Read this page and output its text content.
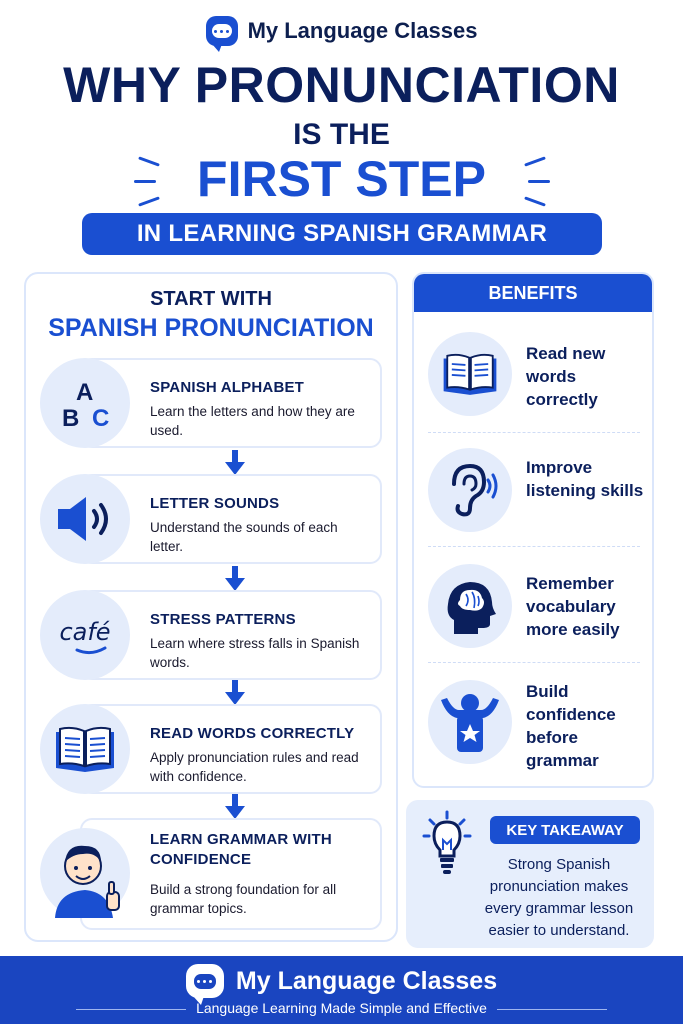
My Language Classes
WHY PRONUNCIATION
IS THE
FIRST STEP
IN LEARNING SPANISH GRAMMAR
START WITH
SPANISH PRONUNCIATION
A
B C
SPANISH ALPHABET
Learn the letters and how they are used.
LETTER SOUNDS
Understand the sounds of each letter.
café	STRESS PATTERNS
Learn where stress falls in Spanish words.
READ WORDS CORRECTLY
Apply pronunciation rules and read with confidence.
LEARN GRAMMAR WITH CONFIDENCE
Build a strong foundation for all grammar topics.
BENEFITS
Read new words correctly
Improve listening skills
Remember vocabulary more easily
Build confidence before grammar
KEY TAKEAWAY
Strong Spanish pronunciation makes every grammar lesson easier to understand.
My Language Classes
Language Learning Made Simple and Effective
